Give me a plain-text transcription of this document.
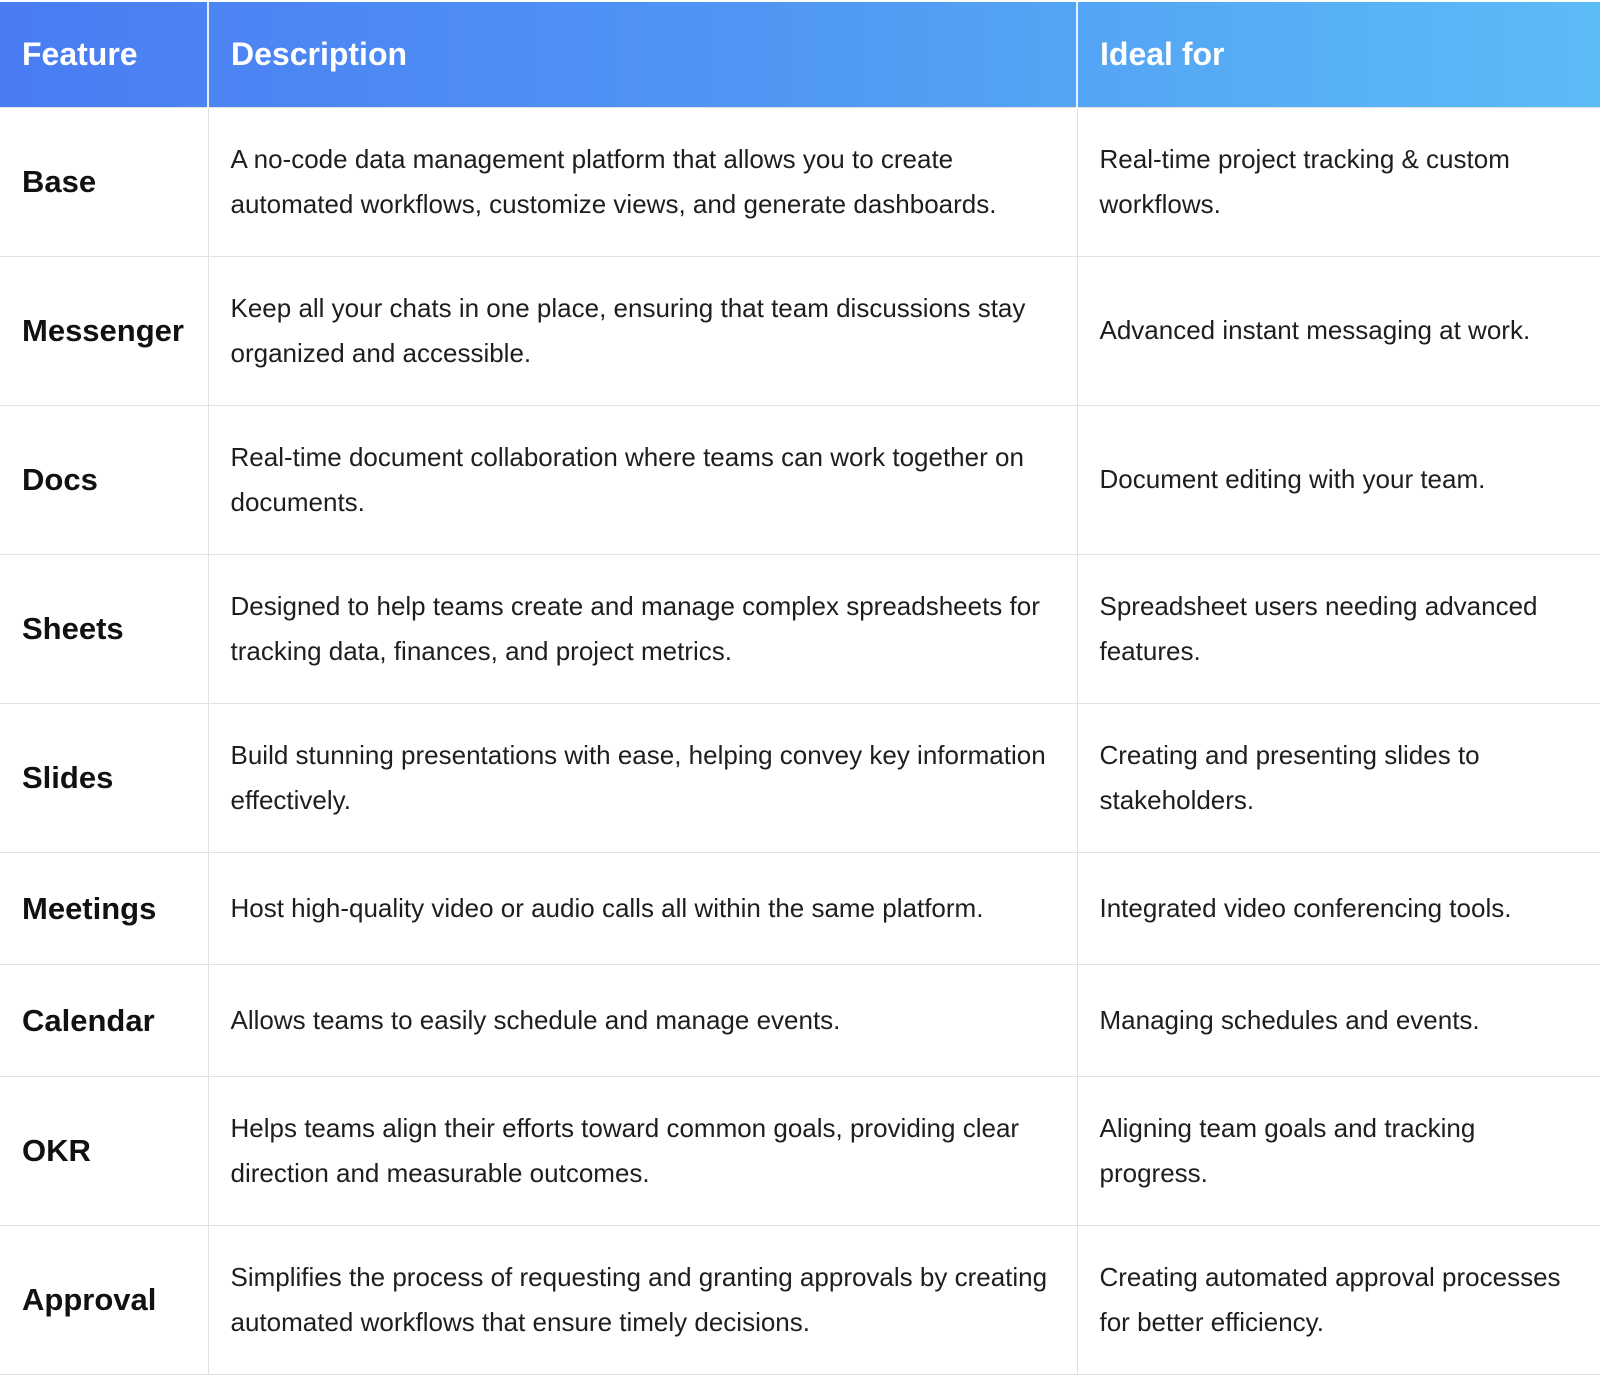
Feature	Description	Ideal for
Base	A no-code data management platform that allows you to create automated workflows, customize views, and generate dashboards.	Real-time project tracking & custom workflows.
Messenger	Keep all your chats in one place, ensuring that team discussions stay organized and accessible.	Advanced instant messaging at work.
Docs	Real-time document collaboration where teams can work together on documents.	Document editing with your team.
Sheets	Designed to help teams create and manage complex spreadsheets for tracking data, finances, and project metrics.	Spreadsheet users needing advanced features.
Slides	Build stunning presentations with ease, helping convey key information effectively.	Creating and presenting slides to stakeholders.
Meetings	Host high-quality video or audio calls all within the same platform.	Integrated video conferencing tools.
Calendar	Allows teams to easily schedule and manage events.	Managing schedules and events.
OKR	Helps teams align their efforts toward common goals, providing clear direction and measurable outcomes.	Aligning team goals and tracking progress.
Approval	Simplifies the process of requesting and granting approvals by creating automated workflows that ensure timely decisions.	Creating automated approval processes for better efficiency.
